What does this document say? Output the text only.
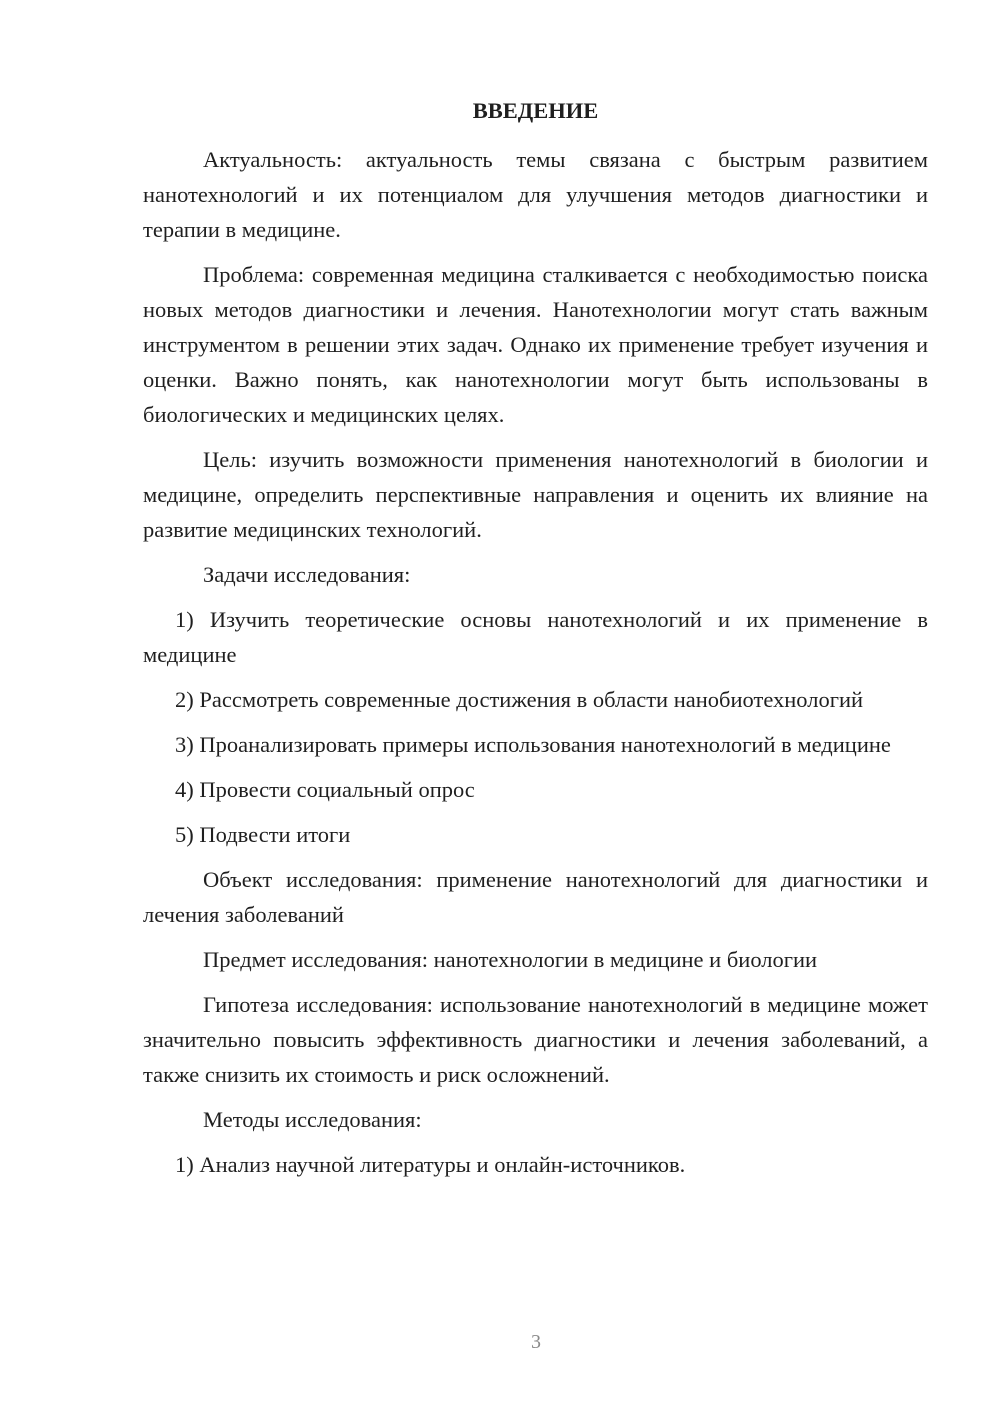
ВВЕДЕНИЕ

Актуальность: актуальность темы связана с быстрым развитием нанотехнологий и их потенциалом для улучшения методов диагностики и терапии в медицине.

Проблема: современная медицина сталкивается с необходимостью поиска новых методов диагностики и лечения. Нанотехнологии могут стать важным инструментом в решении этих задач. Однако их применение требует изучения и оценки. Важно понять, как нанотехнологии могут быть использованы в биологических и медицинских целях.

Цель: изучить возможности применения нанотехнологий в биологии и медицине, определить перспективные направления и оценить их влияние на развитие медицинских технологий.

Задачи исследования:

1) Изучить теоретические основы нанотехнологий и их применение в медицине

2) Рассмотреть современные достижения в области нанобиотехнологий

3) Проанализировать примеры использования нанотехнологий в медицине

4) Провести социальный опрос

5) Подвести итоги

Объект исследования: применение нанотехнологий для диагностики и лечения заболеваний

Предмет исследования: нанотехнологии в медицине и биологии

Гипотеза исследования: использование нанотехнологий в медицине может значительно повысить эффективность диагностики и лечения заболеваний, а также снизить их стоимость и риск осложнений.

Методы исследования:

1) Анализ научной литературы и онлайн-источников.

3
